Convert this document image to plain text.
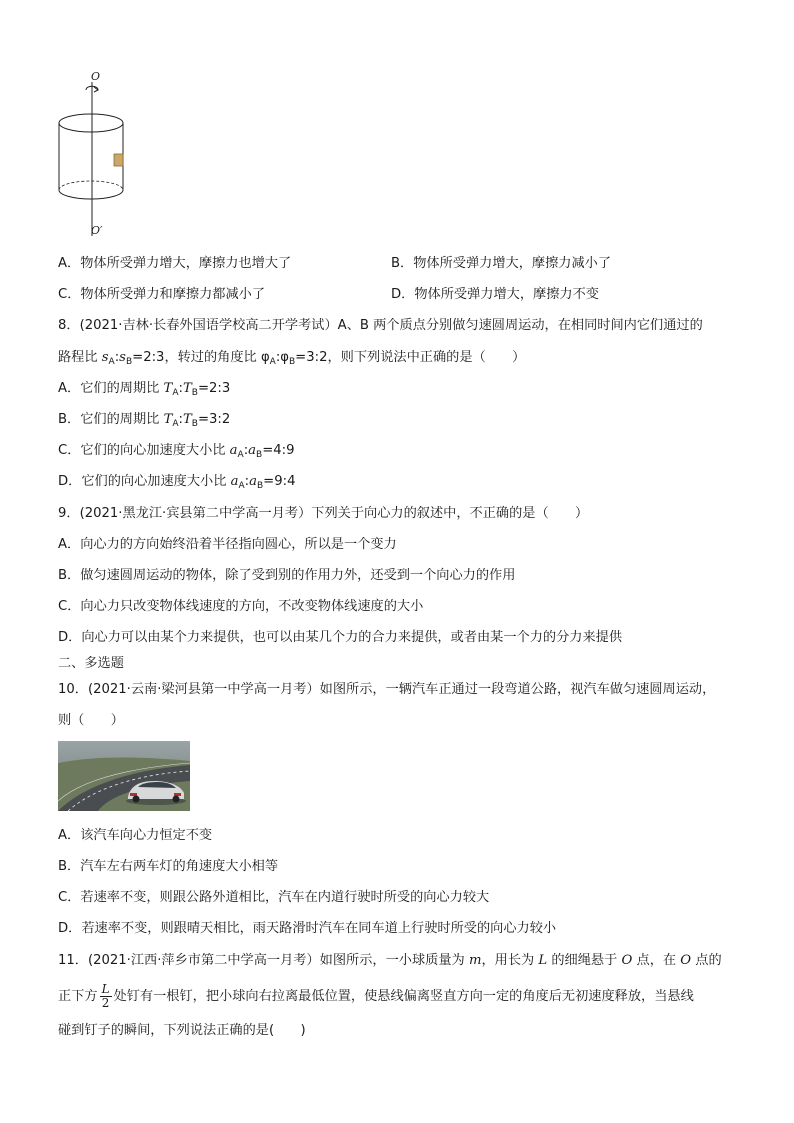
O
O′
A．物体所受弹力增大，摩擦力也增大了	B．物体所受弹力增大，摩擦力减小了
C．物体所受弹力和摩擦力都减小了	D．物体所受弹力增大，摩擦力不变
8．(2021·吉林·长春外国语学校高二开学考试）A、B 两个质点分别做匀速圆周运动，在相同时间内它们通过的
路程比 $s_A:s_B=2:3$，转过的角度比 $\varphi_A:\varphi_B=3:2$，则下列说法中正确的是（　　）
A．它们的周期比 $T_A:T_B=2:3$
B．它们的周期比 $T_A:T_B=3:2$
C．它们的向心加速度大小比 $a_A:a_B=4:9$
D．它们的向心加速度大小比 $a_A:a_B=9:4$
9．(2021·黑龙江·宾县第二中学高一月考）下列关于向心力的叙述中，不正确的是（　　）
A．向心力的方向始终沿着半径指向圆心，所以是一个变力
B．做匀速圆周运动的物体，除了受到别的作用力外，还受到一个向心力的作用
C．向心力只改变物体线速度的方向，不改变物体线速度的大小
D．向心力可以由某个力来提供，也可以由某几个力的合力来提供，或者由某一个力的分力来提供
二、多选题
10．(2021·云南·梁河县第一中学高一月考）如图所示，一辆汽车正通过一段弯道公路，视汽车做匀速圆周运动，
则（　　）
A．该汽车向心力恒定不变
B．汽车左右两车灯的角速度大小相等
C．若速率不变，则跟公路外道相比，汽车在内道行驶时所受的向心力较大
D．若速率不变，则跟晴天相比，雨天路滑时汽车在同车道上行驶时所受的向心力较小
11．(2021·江西·萍乡市第二中学高一月考）如图所示，一小球质量为 m，用长为 L 的细绳悬于 O 点，在 O 点的
正下方 $\frac{L}{2}$ 处钉有一根钉，把小球向右拉离最低位置，使悬线偏离竖直方向一定的角度后无初速度释放，当悬线
碰到钉子的瞬间，下列说法正确的是(　　)
